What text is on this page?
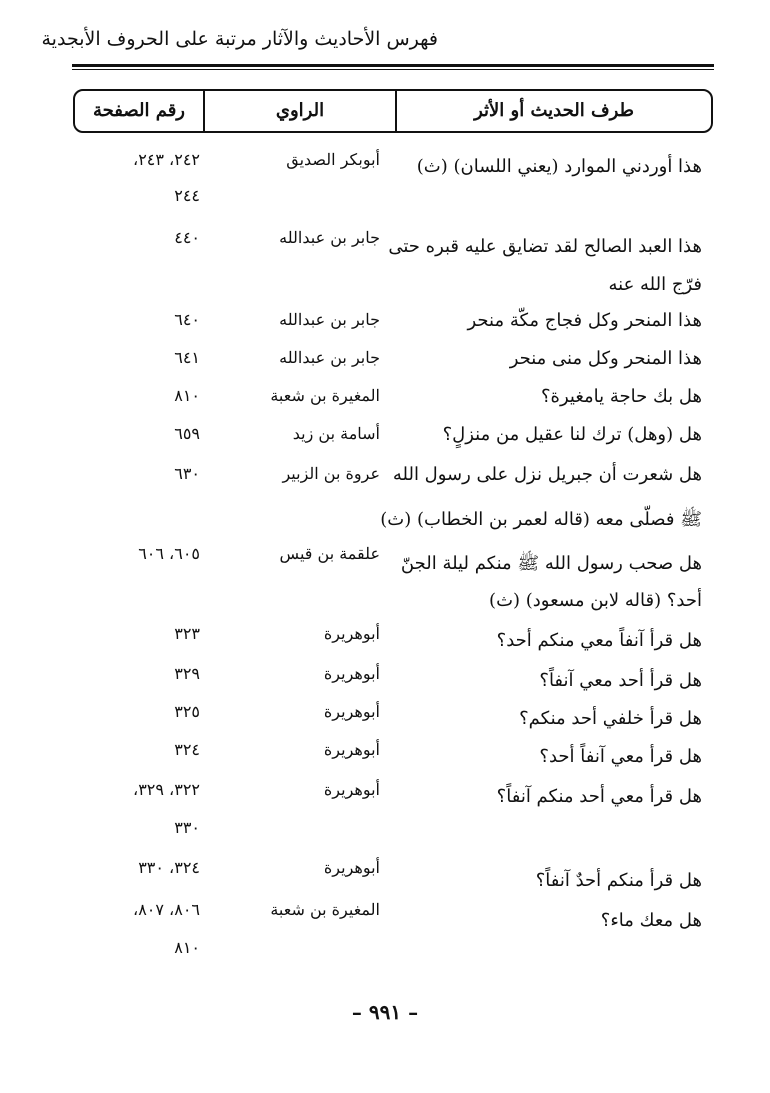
فهرس الأحاديث والآثار مرتبة على الحروف الأبجدية
رقم الصفحة	الراوي	طرف الحديث أو الأثر
هذا أوردني الموارد (يعني اللسان) (ث)
أبوبكر الصديق
٢٤٢، ٢٤٣،
٢٤٤
هذا العبد الصالح لقد تضايق عليه قبره حتى
جابر بن عبدالله
٤٤٠
فرّج الله عنه
هذا المنحر وكل فجاج مكّة منحر
جابر بن عبدالله
٦٤٠
هذا المنحر وكل منى منحر
جابر بن عبدالله
٦٤١
هل بك حاجة يامغيرة؟
المغيرة بن شعبة
٨١٠
هل (وهل) ترك لنا عقيل من منزلٍ؟
أسامة بن زيد
٦٥٩
هل شعرت أن جبريل نزل على رسول الله
عروة بن الزبير
٦٣٠
ﷺ فصلّى معه (قاله لعمر بن الخطاب) (ث)
هل صحب رسول الله ﷺ منكم ليلة الجنّ
علقمة بن قيس
٦٠٥، ٦٠٦
أحد؟ (قاله لابن مسعود) (ث)
هل قرأ آنفاً معي منكم أحد؟
أبوهريرة
٣٢٣
هل قرأ أحد معي آنفاً؟
أبوهريرة
٣٢٩
هل قرأ خلفي أحد منكم؟
أبوهريرة
٣٢٥
هل قرأ معي آنفاً أحد؟
أبوهريرة
٣٢٤
هل قرأ معي أحد منكم آنفاً؟
أبوهريرة
٣٢٢، ٣٢٩،
٣٣٠
هل قرأ منكم أحدٌ آنفاً؟
أبوهريرة
٣٢٤، ٣٣٠
هل معك ماء؟
المغيرة بن شعبة
٨٠٦، ٨٠٧،
٨١٠
– ٩٩١ –
